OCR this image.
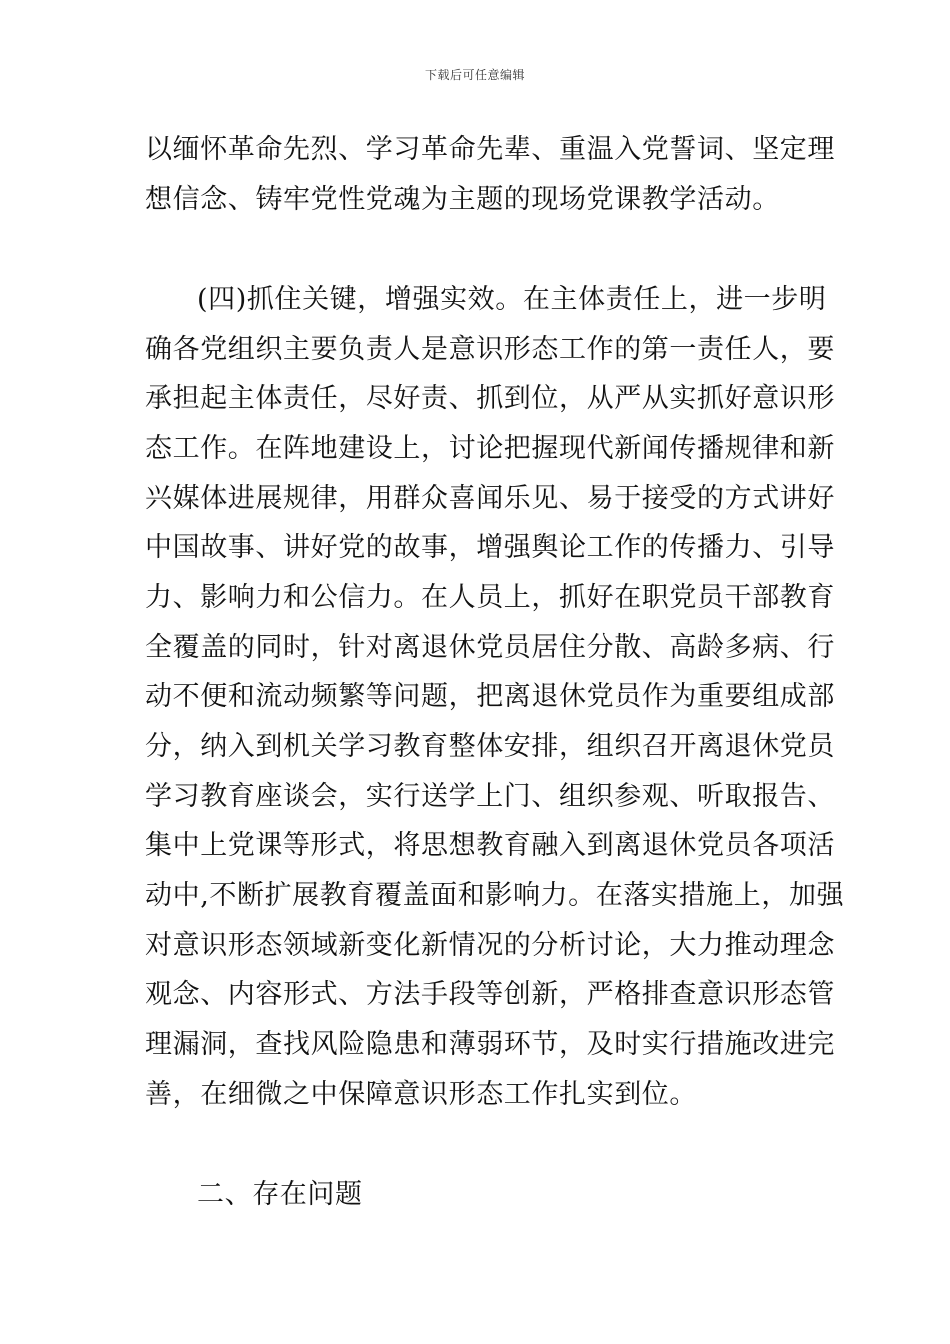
下载后可任意编辑
以缅怀革命先烈、学习革命先辈、重温入党誓词、坚定理
想信念、铸牢党性党魂为主题的现场党课教学活动。
(四)抓住关键，增强实效。在主体责任上，进一步明
确各党组织主要负责人是意识形态工作的第一责任人，要
承担起主体责任，尽好责、抓到位，从严从实抓好意识形
态工作。在阵地建设上，讨论把握现代新闻传播规律和新
兴媒体进展规律，用群众喜闻乐见、易于接受的方式讲好
中国故事、讲好党的故事，增强舆论工作的传播力、引导
力、影响力和公信力。在人员上，抓好在职党员干部教育
全覆盖的同时，针对离退休党员居住分散、高龄多病、行
动不便和流动频繁等问题，把离退休党员作为重要组成部
分，纳入到机关学习教育整体安排，组织召开离退休党员
学习教育座谈会，实行送学上门、组织参观、听取报告、
集中上党课等形式，将思想教育融入到离退休党员各项活
动中,不断扩展教育覆盖面和影响力。在落实措施上，加强
对意识形态领域新变化新情况的分析讨论，大力推动理念
观念、内容形式、方法手段等创新，严格排查意识形态管
理漏洞，查找风险隐患和薄弱环节，及时实行措施改进完
善，在细微之中保障意识形态工作扎实到位。
二、存在问题
